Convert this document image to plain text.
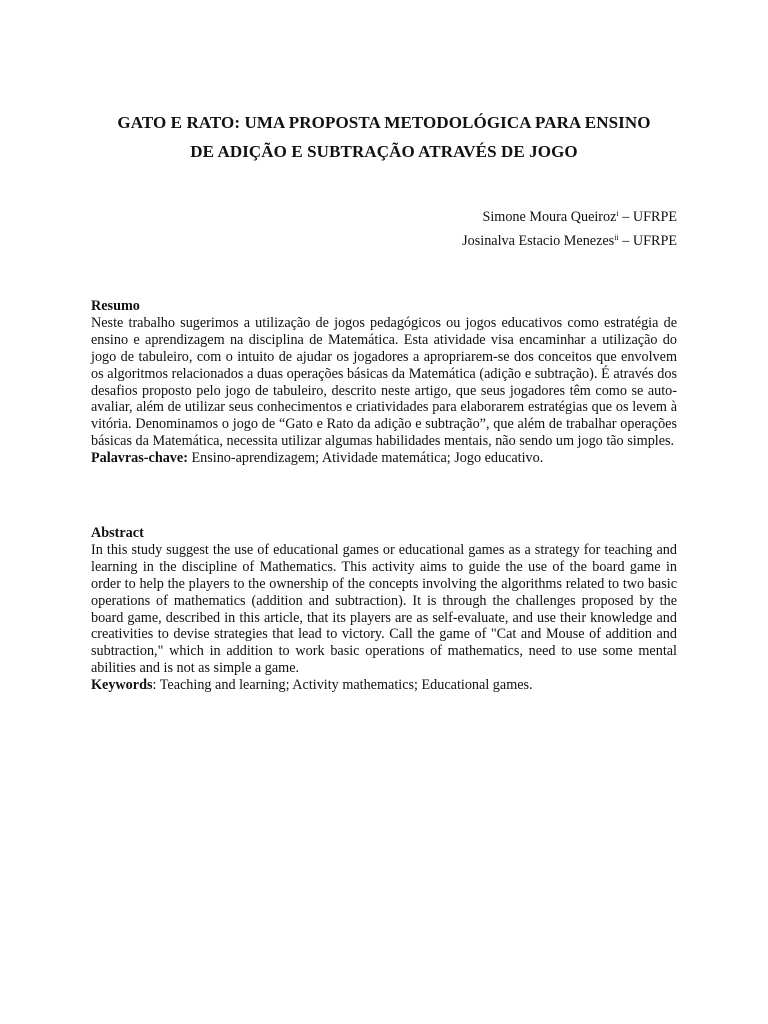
GATO E RATO: UMA PROPOSTA METODOLÓGICA PARA ENSINO
DE ADIÇÃO E SUBTRAÇÃO ATRAVÉS DE JOGO
Simone Moura Queiroz$^i$ – UFRPE
Josinalva Estacio Menezes$^{ii}$ – UFRPE
Resumo
Neste trabalho sugerimos a utilização de jogos pedagógicos ou jogos educativos como estratégia de ensino e aprendizagem na disciplina de Matemática. Esta atividade visa encaminhar a utilização do jogo de tabuleiro, com o intuito de ajudar os jogadores a apropriarem-se dos conceitos que envolvem os algoritmos relacionados a duas operações básicas da Matemática (adição e subtração). É através dos desafios proposto pelo jogo de tabuleiro, descrito neste artigo, que seus jogadores têm como se auto-avaliar, além de utilizar seus conhecimentos e criatividades para elaborarem estratégias que os levem à vitória. Denominamos o jogo de “Gato e Rato da adição e subtração”, que além de trabalhar operações básicas da Matemática, necessita utilizar algumas habilidades mentais, não sendo um jogo tão simples.
Palavras-chave: Ensino-aprendizagem; Atividade matemática; Jogo educativo.
Abstract
In this study suggest the use of educational games or educational games as a strategy for teaching and learning in the discipline of Mathematics. This activity aims to guide the use of the board game in order to help the players to the ownership of the concepts involving the algorithms related to two basic operations of mathematics (addition and subtraction). It is through the challenges proposed by the board game, described in this article, that its players are as self-evaluate, and use their knowledge and creativities to devise strategies that lead to victory. Call the game of "Cat and Mouse of addition and subtraction," which in addition to work basic operations of mathematics, need to use some mental abilities and is not as simple a game.
Keywords: Teaching and learning; Activity mathematics; Educational games.
